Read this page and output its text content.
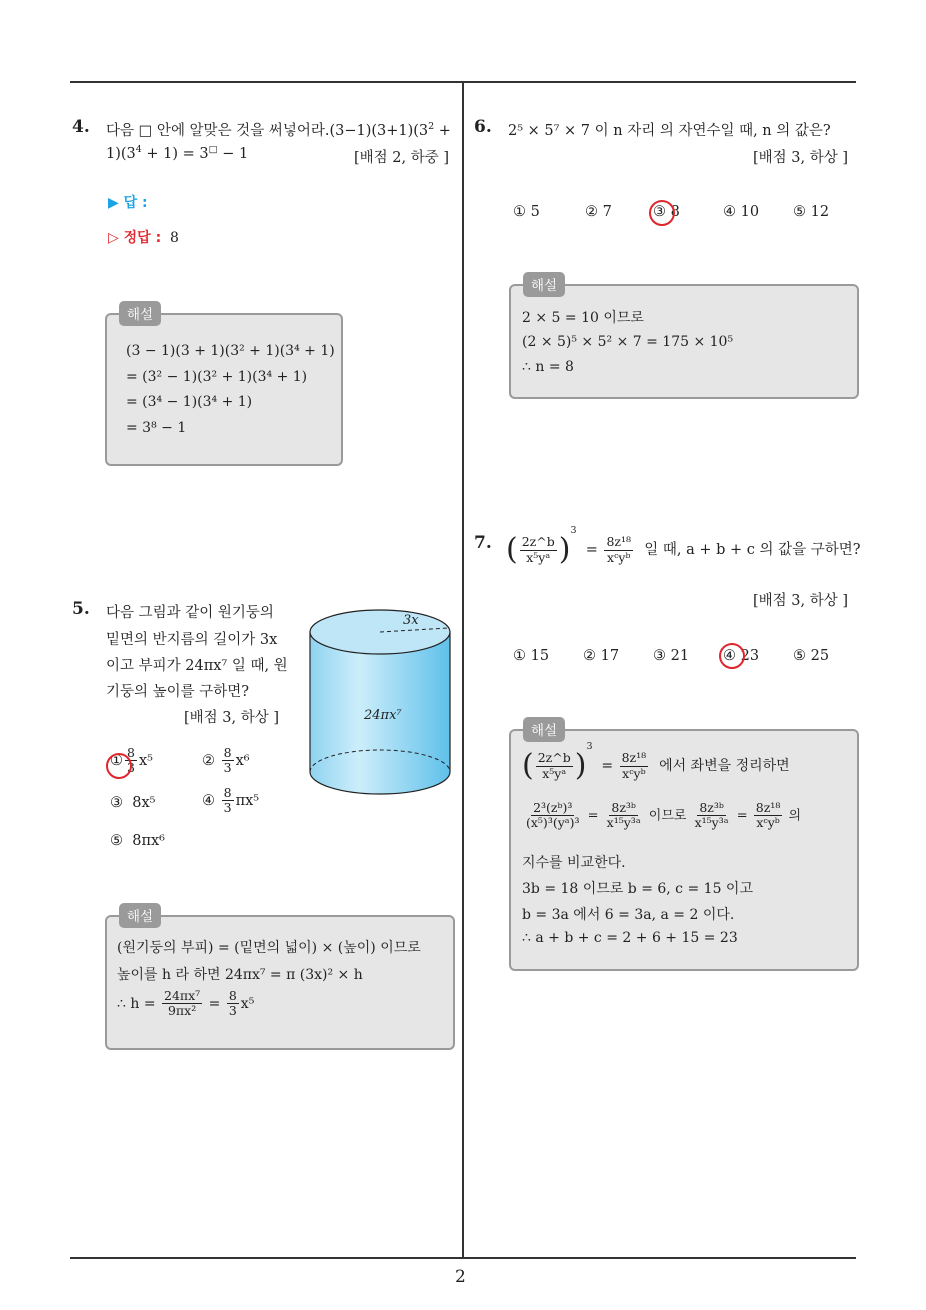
2
4. 다음 □ 안에 알맞은 것을 써넣어라$.(3-1)(3+1)(3^2$ +
$1)(3^4 + 1) = 3^□ - 1$	[배점 2, 하중 ]
▶ 답 :
▷ 정답 : 8
해설
(3 − 1)(3 + 1)(3² + 1)(3⁴ + 1)
= (3² − 1)(3² + 1)(3⁴ + 1)
= (3⁴ − 1)(3⁴ + 1)
= 3⁸ − 1
5. 다음 그림과 같이 원기둥의
밑면의 반지름의 길이가 3x
이고 부피가 24πx⁷ 일 때, 원
기둥의 높이를 구하면?
[배점 3, 하상 ]
3x
24πx⁷
① $\frac{8}{3} x^5$	② $\frac{8}{3} x^6$
③ 8x⁵	④ $\frac{8}{3} \pi x^5$
⑤ 8πx⁶
해설
(원기둥의 부피) = (밑면의 넓이) × (높이) 이므로
높이를 h 라 하면 24πx⁷ = π (3x)² × h
∴ $h = \frac{\text{24πx⁷}}{\text{9πx²}} = \frac{8}{3} x^5$
6. 2⁵ × 5⁷ × 7 이 n 자리 의 자연수일 때, n 의 값은?
[배점 3, 하상 ]
① 5	② 7	③ 8	④ 10 ⑤ 12
해설
2 × 5 = 10 이므로
(2 × 5)⁵ × 5² × 7 = 175 × 10⁵
∴ n = 8
7. ( $\frac{2z\^{}b}{\text{x⁵yᵃ}} )^3 = \frac{\text{8z¹⁸}}{\text{xᶜyᵇ}}$ 일 때, a + b + c 의 값을 구하면?
[배점 3, 하상 ]
① 15 ② 17 ③ 21 ④ 23 ⑤ 25
해설
( $\frac{2z\^{}b}{\text{x⁵yᵃ}} )^3 = \frac{\text{8z¹⁸}}{\text{xᶜyᵇ}}$ 에서 좌변을 정리하면
$\frac{\text{2³(zᵇ)³}}{\text{(x⁵)³(yᵃ)³}} = \frac{\text{8z³ᵇ}}{\text{x¹⁵y³ᵃ}}$ 이므로 $\frac{\text{8z³ᵇ}}{\text{x¹⁵y³ᵃ}} = \frac{\text{8z¹⁸}}{\text{xᶜyᵇ}}$ 의
지수를 비교한다.
3b = 18 이므로 b = 6, c = 15 이고
b = 3a 에서 6 = 3a, a = 2 이다.
∴ a + b + c = 2 + 6 + 15 = 23
